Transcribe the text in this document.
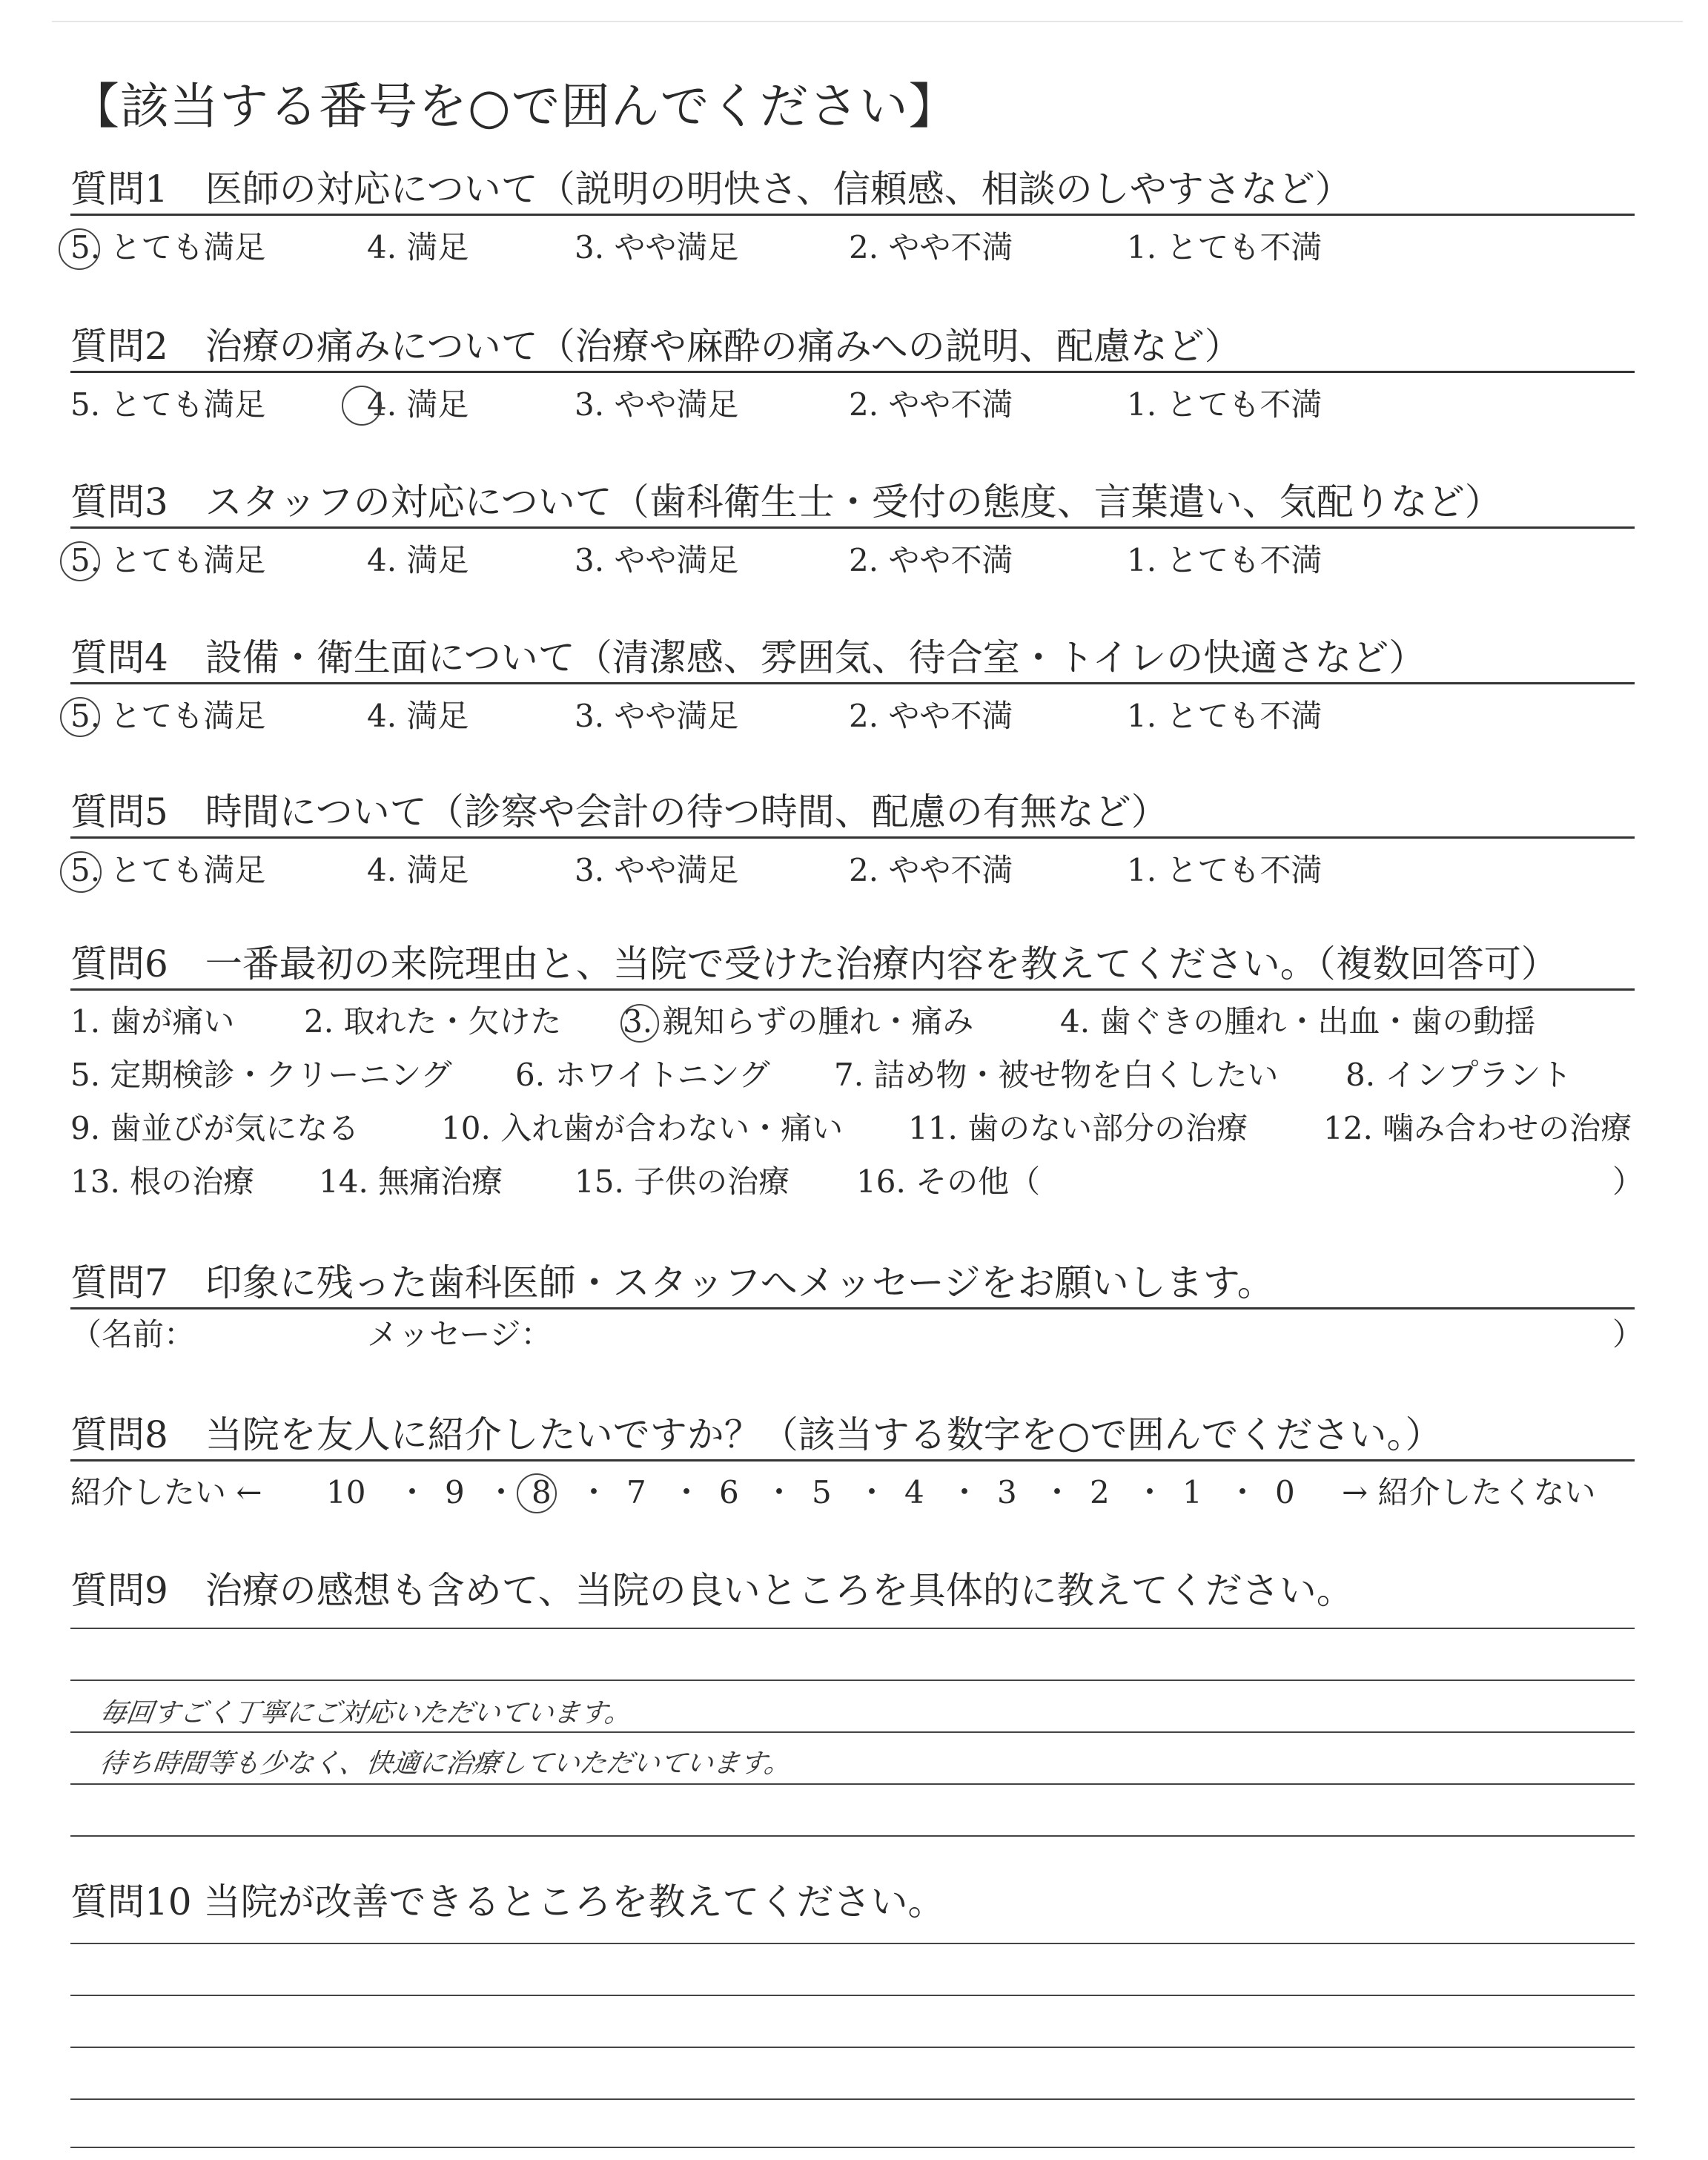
【該当する番号を○で囲んでください】
質問1　医師の対応について（説明の明快さ、信頼感、相談のしやすさなど）
5. とても満足	4. 満足	3. やや満足	2. やや不満	1. とても不満
質問2　治療の痛みについて（治療や麻酔の痛みへの説明、配慮など）
5. とても満足	4. 満足	3. やや満足	2. やや不満	1. とても不満
質問3　スタッフの対応について（歯科衛生士・受付の態度、言葉遣い、気配りなど）
5. とても満足	4. 満足	3. やや満足	2. やや不満	1. とても不満
質問4　設備・衛生面について（清潔感、雰囲気、待合室・トイレの快適さなど）
5. とても満足	4. 満足	3. やや満足	2. やや不満	1. とても不満
質問5　時間について（診察や会計の待つ時間、配慮の有無など）
5. とても満足	4. 満足	3. やや満足	2. やや不満	1. とても不満
質問6　一番最初の来院理由と、当院で受けた治療内容を教えてください。（複数回答可）
1. 歯が痛い 2. 取れた・欠けた 3. 親知らずの腫れ・痛み	4. 歯ぐきの腫れ・出血・歯の動揺
5. 定期検診・クリーニング 6. ホワイトニング 7. 詰め物・被せ物を白くしたい 8. インプラント
9. 歯並びが気になる	10. 入れ歯が合わない・痛い 11. 歯のない部分の治療 12. 噛み合わせの治療
13. 根の治療 14. 無痛治療 15. 子供の治療 16. その他（	）
質問7　印象に残った歯科医師・スタッフへメッセージをお願いします。
（名前：	メッセージ：	）
質問8　当院を友人に紹介したいですか？（該当する数字を○で囲んでください。）
紹介したい ← 10 ・ 9 ・ 8 ・ 7 ・ 6 ・ 5 ・ 4 ・ 3 ・ 2 ・ 1 ・ 0 → 紹介したくない
質問9　治療の感想も含めて、当院の良いところを具体的に教えてください。
毎回すごく丁寧にご対応いただいています。
待ち時間等も少なく、快適に治療していただいています。
質問10 当院が改善できるところを教えてください。
